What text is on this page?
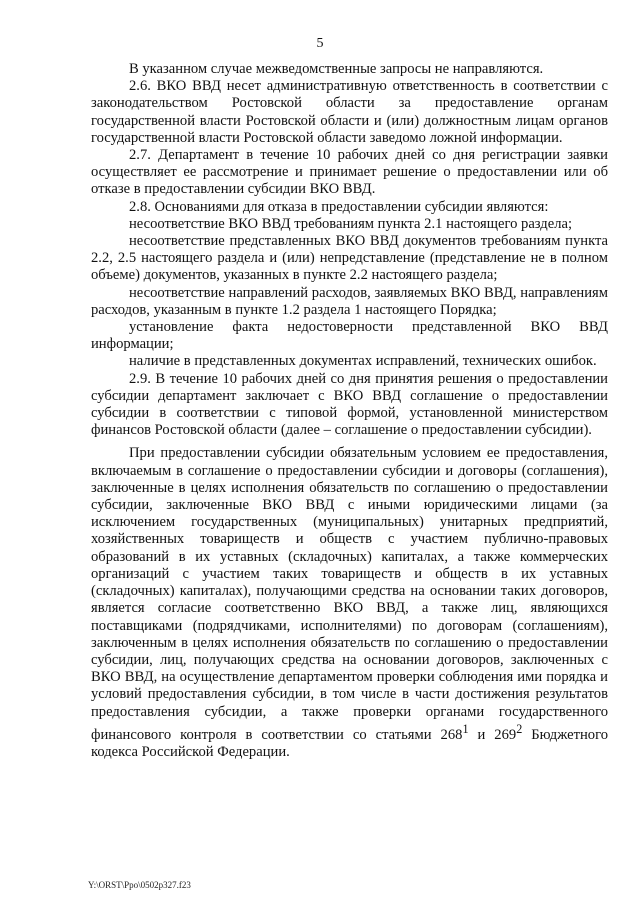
5

В указанном случае межведомственные запросы не направляются.

2.6. ВКО ВВД несет административную ответственность в соответствии с законодательством Ростовской области за предоставление органам государственной власти Ростовской области и (или) должностным лицам органов государственной власти Ростовской области заведомо ложной информации.

2.7. Департамент в течение 10 рабочих дней со дня регистрации заявки осуществляет ее рассмотрение и принимает решение о предоставлении или об отказе в предоставлении субсидии ВКО ВВД.

2.8. Основаниями для отказа в предоставлении субсидии являются:

несоответствие ВКО ВВД требованиям пункта 2.1 настоящего раздела;

несоответствие представленных ВКО ВВД документов требованиям пункта 2.2, 2.5 настоящего раздела и (или) непредставление (представление не в полном объеме) документов, указанных в пункте 2.2 настоящего раздела;

несоответствие направлений расходов, заявляемых ВКО ВВД, направлениям расходов, указанным в пункте 1.2 раздела 1 настоящего Порядка;

установление факта недостоверности представленной ВКО ВВД информации;

наличие в представленных документах исправлений, технических ошибок.

2.9. В течение 10 рабочих дней со дня принятия решения о предоставлении субсидии департамент заключает с ВКО ВВД соглашение о предоставлении субсидии в соответствии с типовой формой, установленной министерством финансов Ростовской области (далее – соглашение о предоставлении субсидии).

При предоставлении субсидии обязательным условием ее предоставления, включаемым в соглашение о предоставлении субсидии и договоры (соглашения), заключенные в целях исполнения обязательств по соглашению о предоставлении субсидии, заключенные ВКО ВВД с иными юридическими лицами (за исключением государственных (муниципальных) унитарных предприятий, хозяйственных товариществ и обществ с участием публично-правовых образований в их уставных (складочных) капиталах, а также коммерческих организаций с участием таких товариществ и обществ в их уставных (складочных) капиталах), получающими средства на основании таких договоров, является согласие соответственно ВКО ВВД, а также лиц, являющихся поставщиками (подрядчиками, исполнителями) по договорам (соглашениям), заключенным в целях исполнения обязательств по соглашению о предоставлении субсидии, лиц, получающих средства на основании договоров, заключенных с ВКО ВВД, на осуществление департаментом проверки соблюдения ими порядка и условий предоставления субсидии, в том числе в части достижения результатов предоставления субсидии, а также проверки органами государственного финансового контроля в соответствии со статьями $268^1$ и $269^2$ Бюджетного кодекса Российской Федерации.

Y:\ORST\Ppo\0502p327.f23
